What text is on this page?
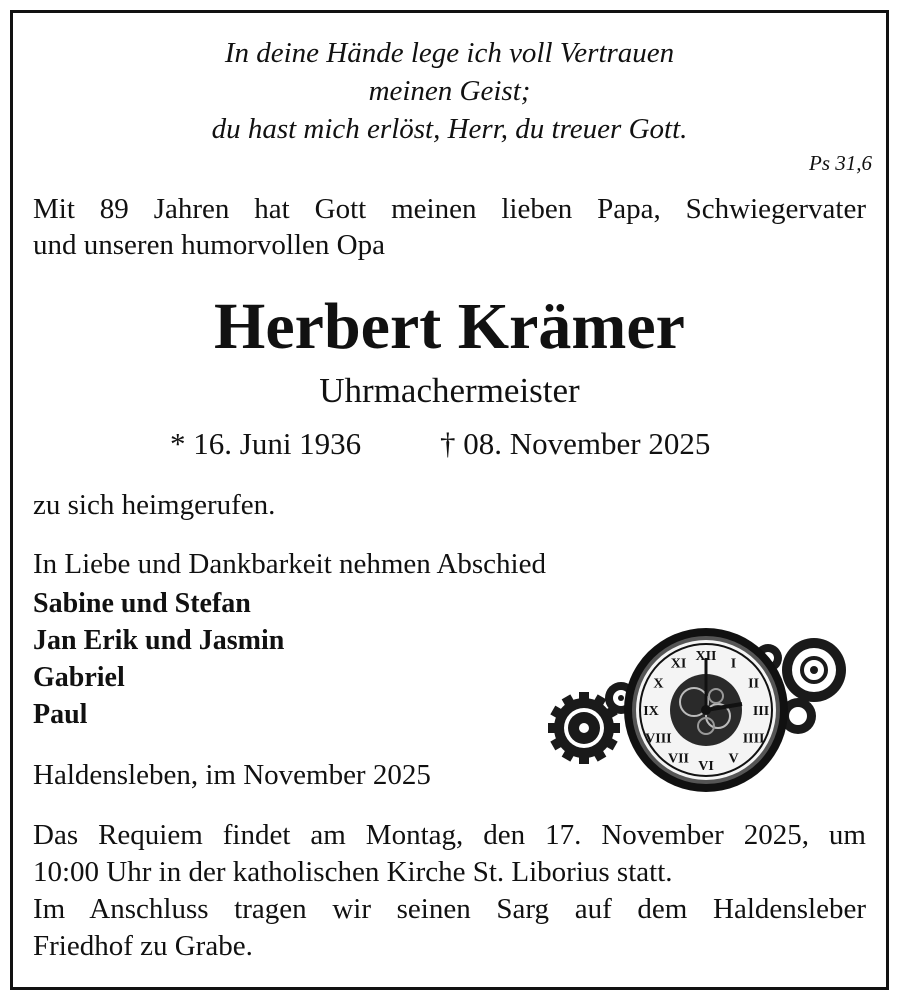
In deine Hände lege ich voll Vertrauen
meinen Geist;
du hast mich erlöst, Herr, du treuer Gott.
Ps 31,6
Mit 89 Jahren hat Gott meinen lieben Papa, Schwiegervater
und unseren humorvollen Opa
Herbert Krämer
Uhrmachermeister
* 16. Juni 1936	† 08. November 2025
zu sich heimgerufen.
In Liebe und Dankbarkeit nehmen Abschied
Sabine und Stefan
Jan Erik und Jasmin
Gabriel
Paul
Haldensleben, im November 2025
Das Requiem findet am Montag, den 17. November 2025, um
10:00 Uhr in der katholischen Kirche St. Liborius statt.
Im Anschluss tragen wir seinen Sarg auf dem Haldensleber
Friedhof zu Grabe.
XII I
II
III
IIII
V
VI
VII
VIII
IX
X
XI
